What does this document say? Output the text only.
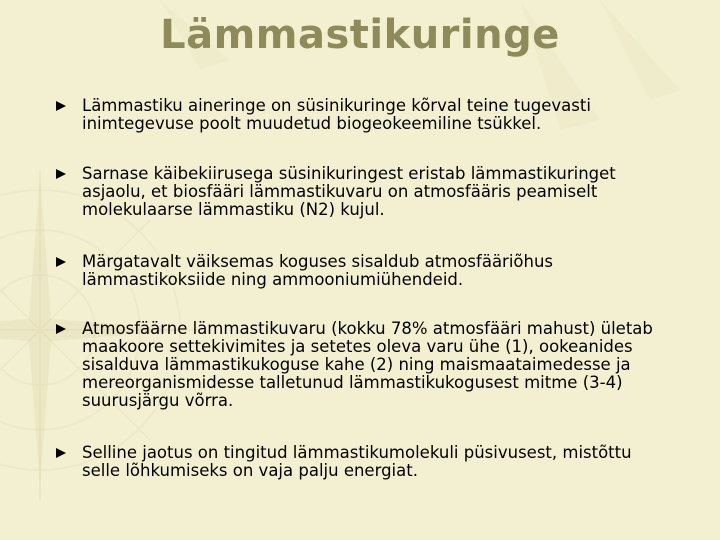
Lämmastikuringe

Lämmastiku aineringe on süsinikuringe kõrval teine tugevasti
inimtegevuse poolt muudetud biogeokeemiline tsükkel.

Sarnase käibekiirusega süsinikuringest eristab lämmastikuringet
asjaolu, et biosfääri lämmastikuvaru on atmosfääris peamiselt
molekulaarse lämmastiku (N2) kujul.

Märgatavalt väiksemas koguses sisaldub atmosfääriõhus
lämmastikoksiide ning ammooniumiühendeid.

Atmosfäärne lämmastikuvaru (kokku 78% atmosfääri mahust) ületab
maakoore settekivimites ja setetes oleva varu ühe (1), ookeanides
sisalduva lämmastikukoguse kahe (2) ning maismaataimedesse ja
mereorganismidesse talletunud lämmastikukogusest mitme (3-4)
suurusjärgu võrra.

Selline jaotus on tingitud lämmastikumolekuli püsivusest, mistõttu
selle lõhkumiseks on vaja palju energiat.
